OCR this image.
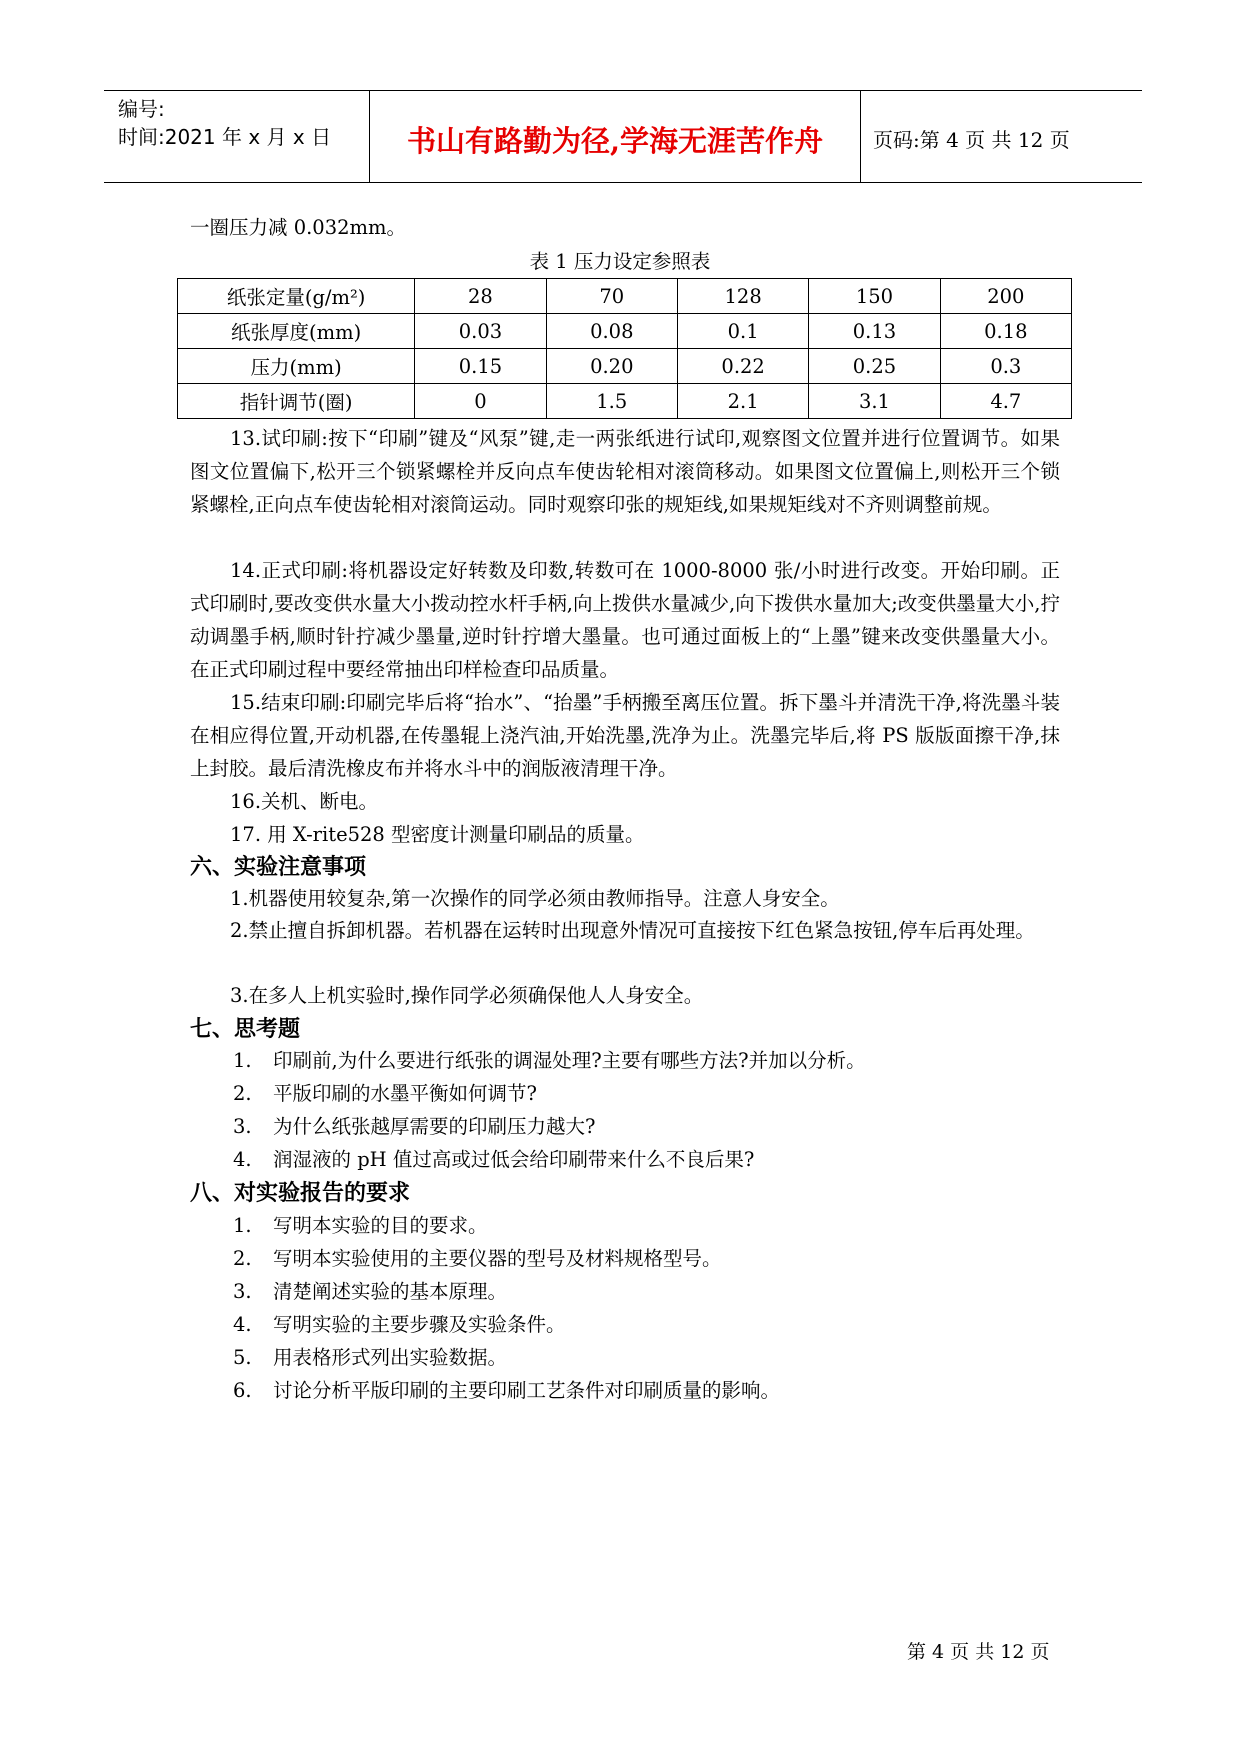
编号:
时间:2021 年 x 月 x 日	书山有路勤为径,学海无涯苦作舟	页码:第 4 页 共 12 页
一圈压力减 0.032mm。
表 1 压力设定参照表
纸张定量(g/m²)	28	70	128	150	200
纸张厚度(mm)	0.03	0.08	0.1	0.13	0.18
压力(mm)	0.15	0.20	0.22	0.25	0.3
指针调节(圈)	0	1.5	2.1	3.1	4.7
13.试印刷:按下“印刷”键及“风泵”键,走一两张纸进行试印,观察图文位置并进行位置调节。如果图文位置偏下,松开三个锁紧螺栓并反向点车使齿轮相对滚筒移动。如果图文位置偏上,则松开三个锁紧螺栓,正向点车使齿轮相对滚筒运动。同时观察印张的规矩线,如果规矩线对不齐则调整前规。
14.正式印刷:将机器设定好转数及印数,转数可在 1000-8000 张/小时进行改变。开始印刷。正式印刷时,要改变供水量大小拨动控水杆手柄,向上拨供水量减少,向下拨供水量加大;改变供墨量大小,拧动调墨手柄,顺时针拧减少墨量,逆时针拧增大墨量。也可通过面板上的“上墨”键来改变供墨量大小。在正式印刷过程中要经常抽出印样检查印品质量。
15.结束印刷:印刷完毕后将“抬水”、“抬墨”手柄搬至离压位置。拆下墨斗并清洗干净,将洗墨斗装在相应得位置,开动机器,在传墨辊上浇汽油,开始洗墨,洗净为止。洗墨完毕后,将 PS 版版面擦干净,抹上封胶。最后清洗橡皮布并将水斗中的润版液清理干净。
16.关机、断电。
17. 用 X-rite528 型密度计测量印刷品的质量。
六、实验注意事项
1.机器使用较复杂,第一次操作的同学必须由教师指导。注意人身安全。
2.禁止擅自拆卸机器。若机器在运转时出现意外情况可直接按下红色紧急按钮,停车后再处理。
3.在多人上机实验时,操作同学必须确保他人人身安全。
七、思考题
1. 印刷前,为什么要进行纸张的调湿处理?主要有哪些方法?并加以分析。
2. 平版印刷的水墨平衡如何调节?
3. 为什么纸张越厚需要的印刷压力越大?
4. 润湿液的 pH 值过高或过低会给印刷带来什么不良后果?
八、对实验报告的要求
1. 写明本实验的目的要求。
2. 写明本实验使用的主要仪器的型号及材料规格型号。
3. 清楚阐述实验的基本原理。
4. 写明实验的主要步骤及实验条件。
5. 用表格形式列出实验数据。
6. 讨论分析平版印刷的主要印刷工艺条件对印刷质量的影响。
第 4 页 共 12 页
